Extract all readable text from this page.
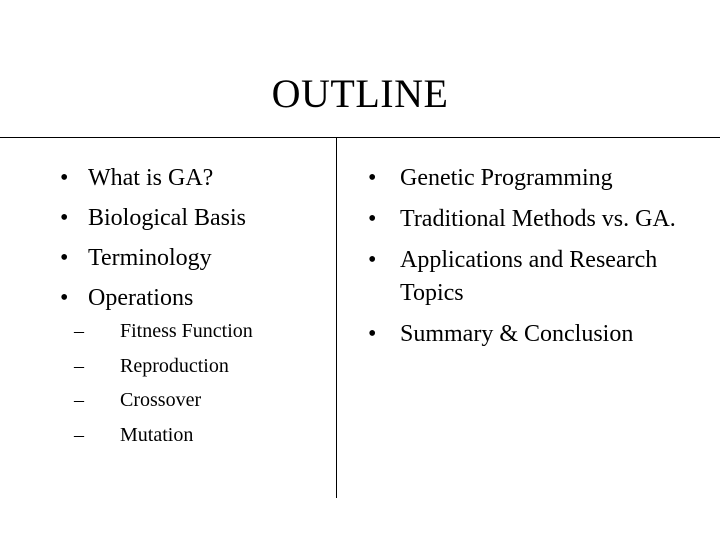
OUTLINE
• What is GA?
• Biological Basis
• Terminology
• Operations
– Fitness Function
– Reproduction
– Crossover
– Mutation
• Genetic Programming
• Traditional Methods vs. GA.
• Applications and Research Topics
• Summary & Conclusion
